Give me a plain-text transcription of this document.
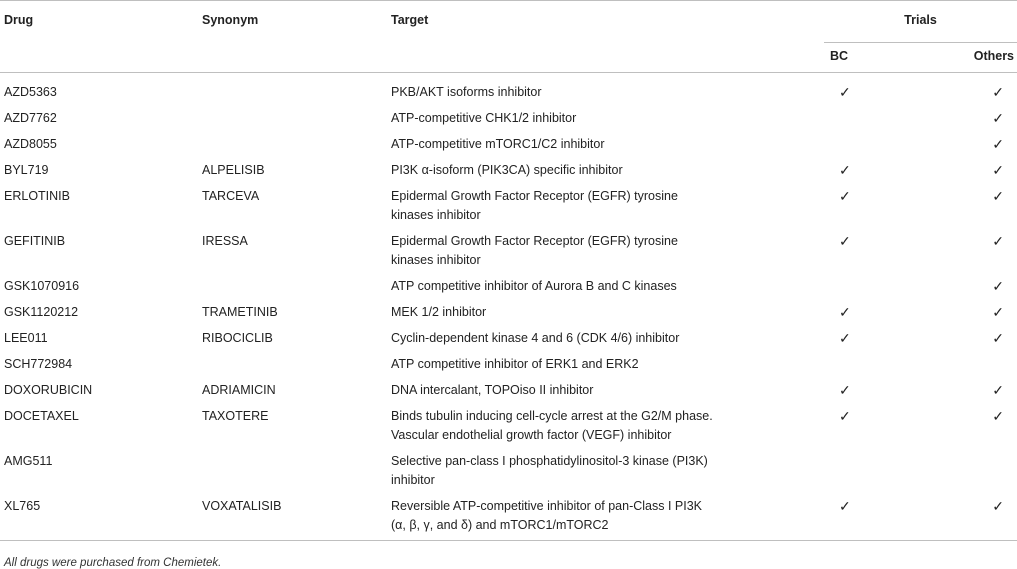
Drug	Synonym	Target	Trials	
			BC	Others
AZD5363		PKB/AKT isoforms inhibitor	✓	✓
AZD7762		ATP-competitive CHK1/2 inhibitor		✓
AZD8055		ATP-competitive mTORC1/C2 inhibitor		✓
BYL719	ALPELISIB	PI3K α-isoform (PIK3CA) specific inhibitor	✓	✓
ERLOTINIB	TARCEVA	Epidermal Growth Factor Receptor (EGFR) tyrosine
kinases inhibitor	✓	✓
GEFITINIB	IRESSA	Epidermal Growth Factor Receptor (EGFR) tyrosine
kinases inhibitor	✓	✓
GSK1070916		ATP competitive inhibitor of Aurora B and C kinases		✓
GSK1120212	TRAMETINIB	MEK 1/2 inhibitor	✓	✓
LEE011	RIBOCICLIB	Cyclin-dependent kinase 4 and 6 (CDK 4/6) inhibitor	✓	✓
SCH772984		ATP competitive inhibitor of ERK1 and ERK2		
DOXORUBICIN	ADRIAMICIN	DNA intercalant, TOPOiso II inhibitor	✓	✓
DOCETAXEL	TAXOTERE	Binds tubulin inducing cell-cycle arrest at the G2/M phase.
Vascular endothelial growth factor (VEGF) inhibitor	✓	✓
AMG511		Selective pan-class I phosphatidylinositol-3 kinase (PI3K)
inhibitor		
XL765	VOXATALISIB	Reversible ATP-competitive inhibitor of pan-Class I PI3K
(α, β, γ, and δ) and mTORC1/mTORC2	✓	✓
All drugs were purchased from Chemietek.
